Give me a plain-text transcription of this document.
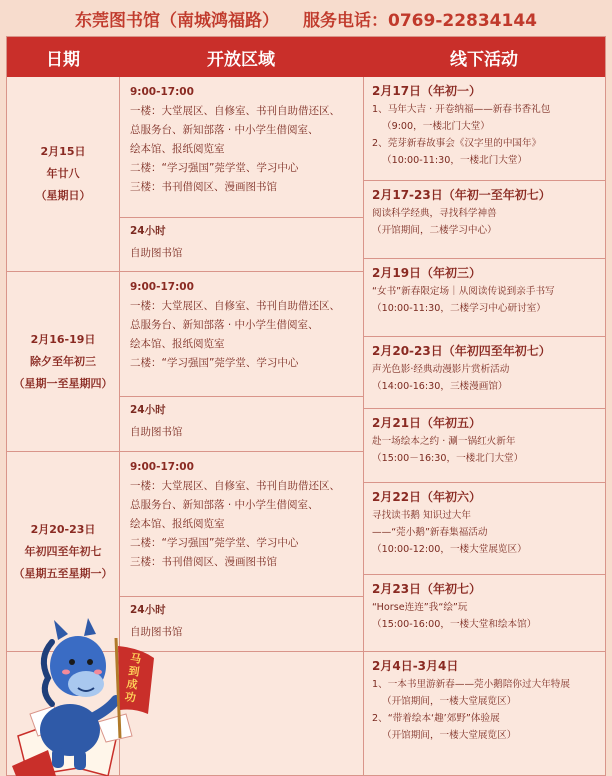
东莞图书馆（南城鸿福路） 服务电话：0769-22834144
日期	开放区域	线下活动
2月15日
年廿八
（星期日）
9:00-17:00
一楼：大堂展区、自修室、书刊自助借还区、
总服务台、新知部落 · 中小学生借阅室、
绘本馆、报纸阅览室
二楼：“学习强国”莞学堂、学习中心
三楼：书刊借阅区、漫画图书馆
24小时
自助图书馆
2月16-19日
除夕至年初三
（星期一至星期四）
9:00-17:00
一楼：大堂展区、自修室、书刊自助借还区、
总服务台、新知部落 · 中小学生借阅室、
绘本馆、报纸阅览室
二楼：“学习强国”莞学堂、学习中心
24小时
自助图书馆
2月20-23日
年初四至年初七
（星期五至星期一）
9:00-17:00
一楼：大堂展区、自修室、书刊自助借还区、
总服务台、新知部落 · 中小学生借阅室、
绘本馆、报纸阅览室
二楼：“学习强国”莞学堂、学习中心
三楼：书刊借阅区、漫画图书馆
24小时
自助图书馆
2月17日（年初一）
1、马年大吉 · 开卷纳福——新春书香礼包
（9:00，一楼北门大堂）
2、莞芽新春故事会《汉字里的中国年》
（10:00-11:30，一楼北门大堂）
2月17-23日（年初一至年初七）
阅读科学经典，寻找科学神兽
（开馆期间，二楼学习中心）
2月19日（年初三）
“女书”新春限定场｜从阅读传说到亲手书写
（10:00-11:30，二楼学习中心研讨室）
2月20-23日（年初四至年初七）
声光色影·经典动漫影片赏析活动
（14:00-16:30，三楼漫画馆）
2月21日（年初五）
赴一场绘本之约 · 涮一锅红火新年
（15:00－16:30，一楼北门大堂）
2月22日（年初六）
寻找读书鹅 知识过大年
——“莞小鹅”新春集福活动
（10:00-12:00，一楼大堂展览区）
2月23日（年初七）
“Horse连连”我“绘”玩
（15:00-16:00，一楼大堂和绘本馆）
2月4日-3月4日
1、一本书里游新春——莞小鹅陪你过大年特展
（开馆期间，一楼大堂展览区）
2、“带着绘本‘趣’郊野”体验展
（开馆期间，一楼大堂展览区）
马到成功
